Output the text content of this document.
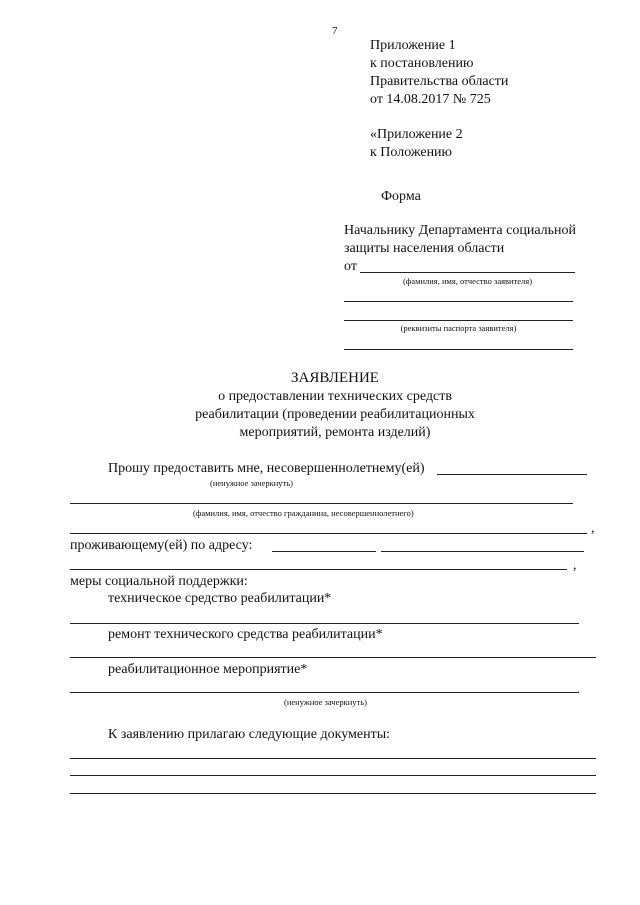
7
Приложение 1
к постановлению
Правительства области
от 14.08.2017 № 725
«Приложение 2
к Положению
Форма
Начальнику Департамента социальной
защиты населения области
от
(фамилия, имя, отчество заявителя)
(реквизиты паспорта заявителя)
ЗАЯВЛЕНИЕ
о предоставлении технических средств
реабилитации (проведении реабилитационных
мероприятий, ремонта изделий)
Прошу предоставить мне, несовершеннолетнему(ей)
(ненужное зачеркнуть)
(фамилия, имя, отчество гражданина, несовершеннолетнего)
,
проживающему(ей) по адресу:
,
меры социальной поддержки:
техническое средство реабилитации*
ремонт технического средства реабилитации*
реабилитационное мероприятие*
(ненужное зачеркнуть)
К заявлению прилагаю следующие документы:
